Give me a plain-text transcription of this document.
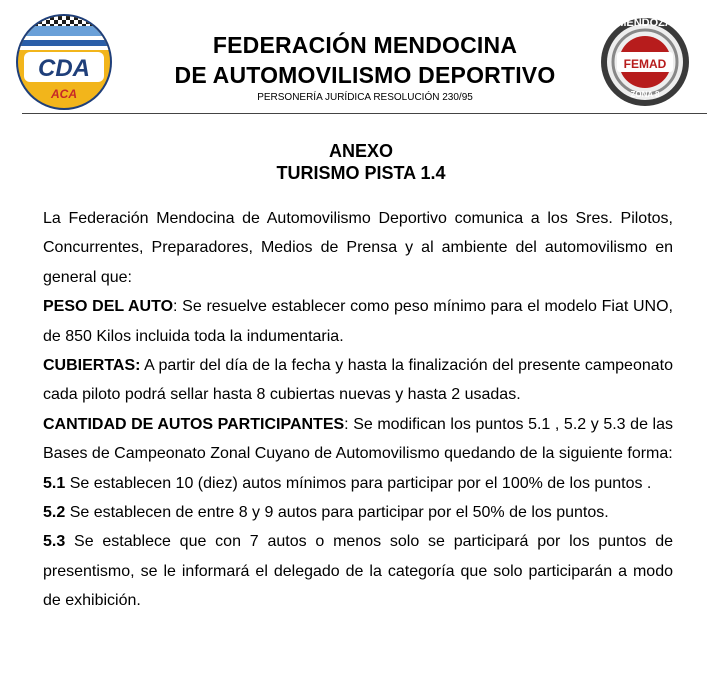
CDA
ACA
FEDERACIÓN MENDOCINA
DE AUTOMOVILISMO DEPORTIVO
PERSONERÍA JURÍDICA RESOLUCIÓN 230/95
FEMAD
MENDOZA
ZONA 8
ANEXO
TURISMO PISTA 1.4

La Federación Mendocina de Automovilismo Deportivo comunica a los Sres. Pilotos, Concurrentes, Preparadores, Medios de Prensa y al ambiente del automovilismo en general que:

PESO DEL AUTO: Se resuelve establecer como peso mínimo para el modelo Fiat UNO, de 850 Kilos incluida toda la indumentaria.

CUBIERTAS: A partir del día de la fecha y hasta la finalización del presente campeonato cada piloto podrá sellar hasta 8 cubiertas nuevas y hasta 2 usadas.

CANTIDAD DE AUTOS PARTICIPANTES: Se modifican los puntos 5.1 , 5.2 y 5.3 de las Bases de Campeonato Zonal Cuyano de Automovilismo quedando de la siguiente forma:

5.1 Se establecen 10 (diez) autos mínimos para participar por el 100% de los puntos .

5.2 Se establecen de entre 8 y 9 autos para participar por el 50% de los puntos.

5.3 Se establece que con 7 autos o menos solo se participará por los puntos de presentismo, se le informará el delegado de la categoría que solo participarán a modo de exhibición.
